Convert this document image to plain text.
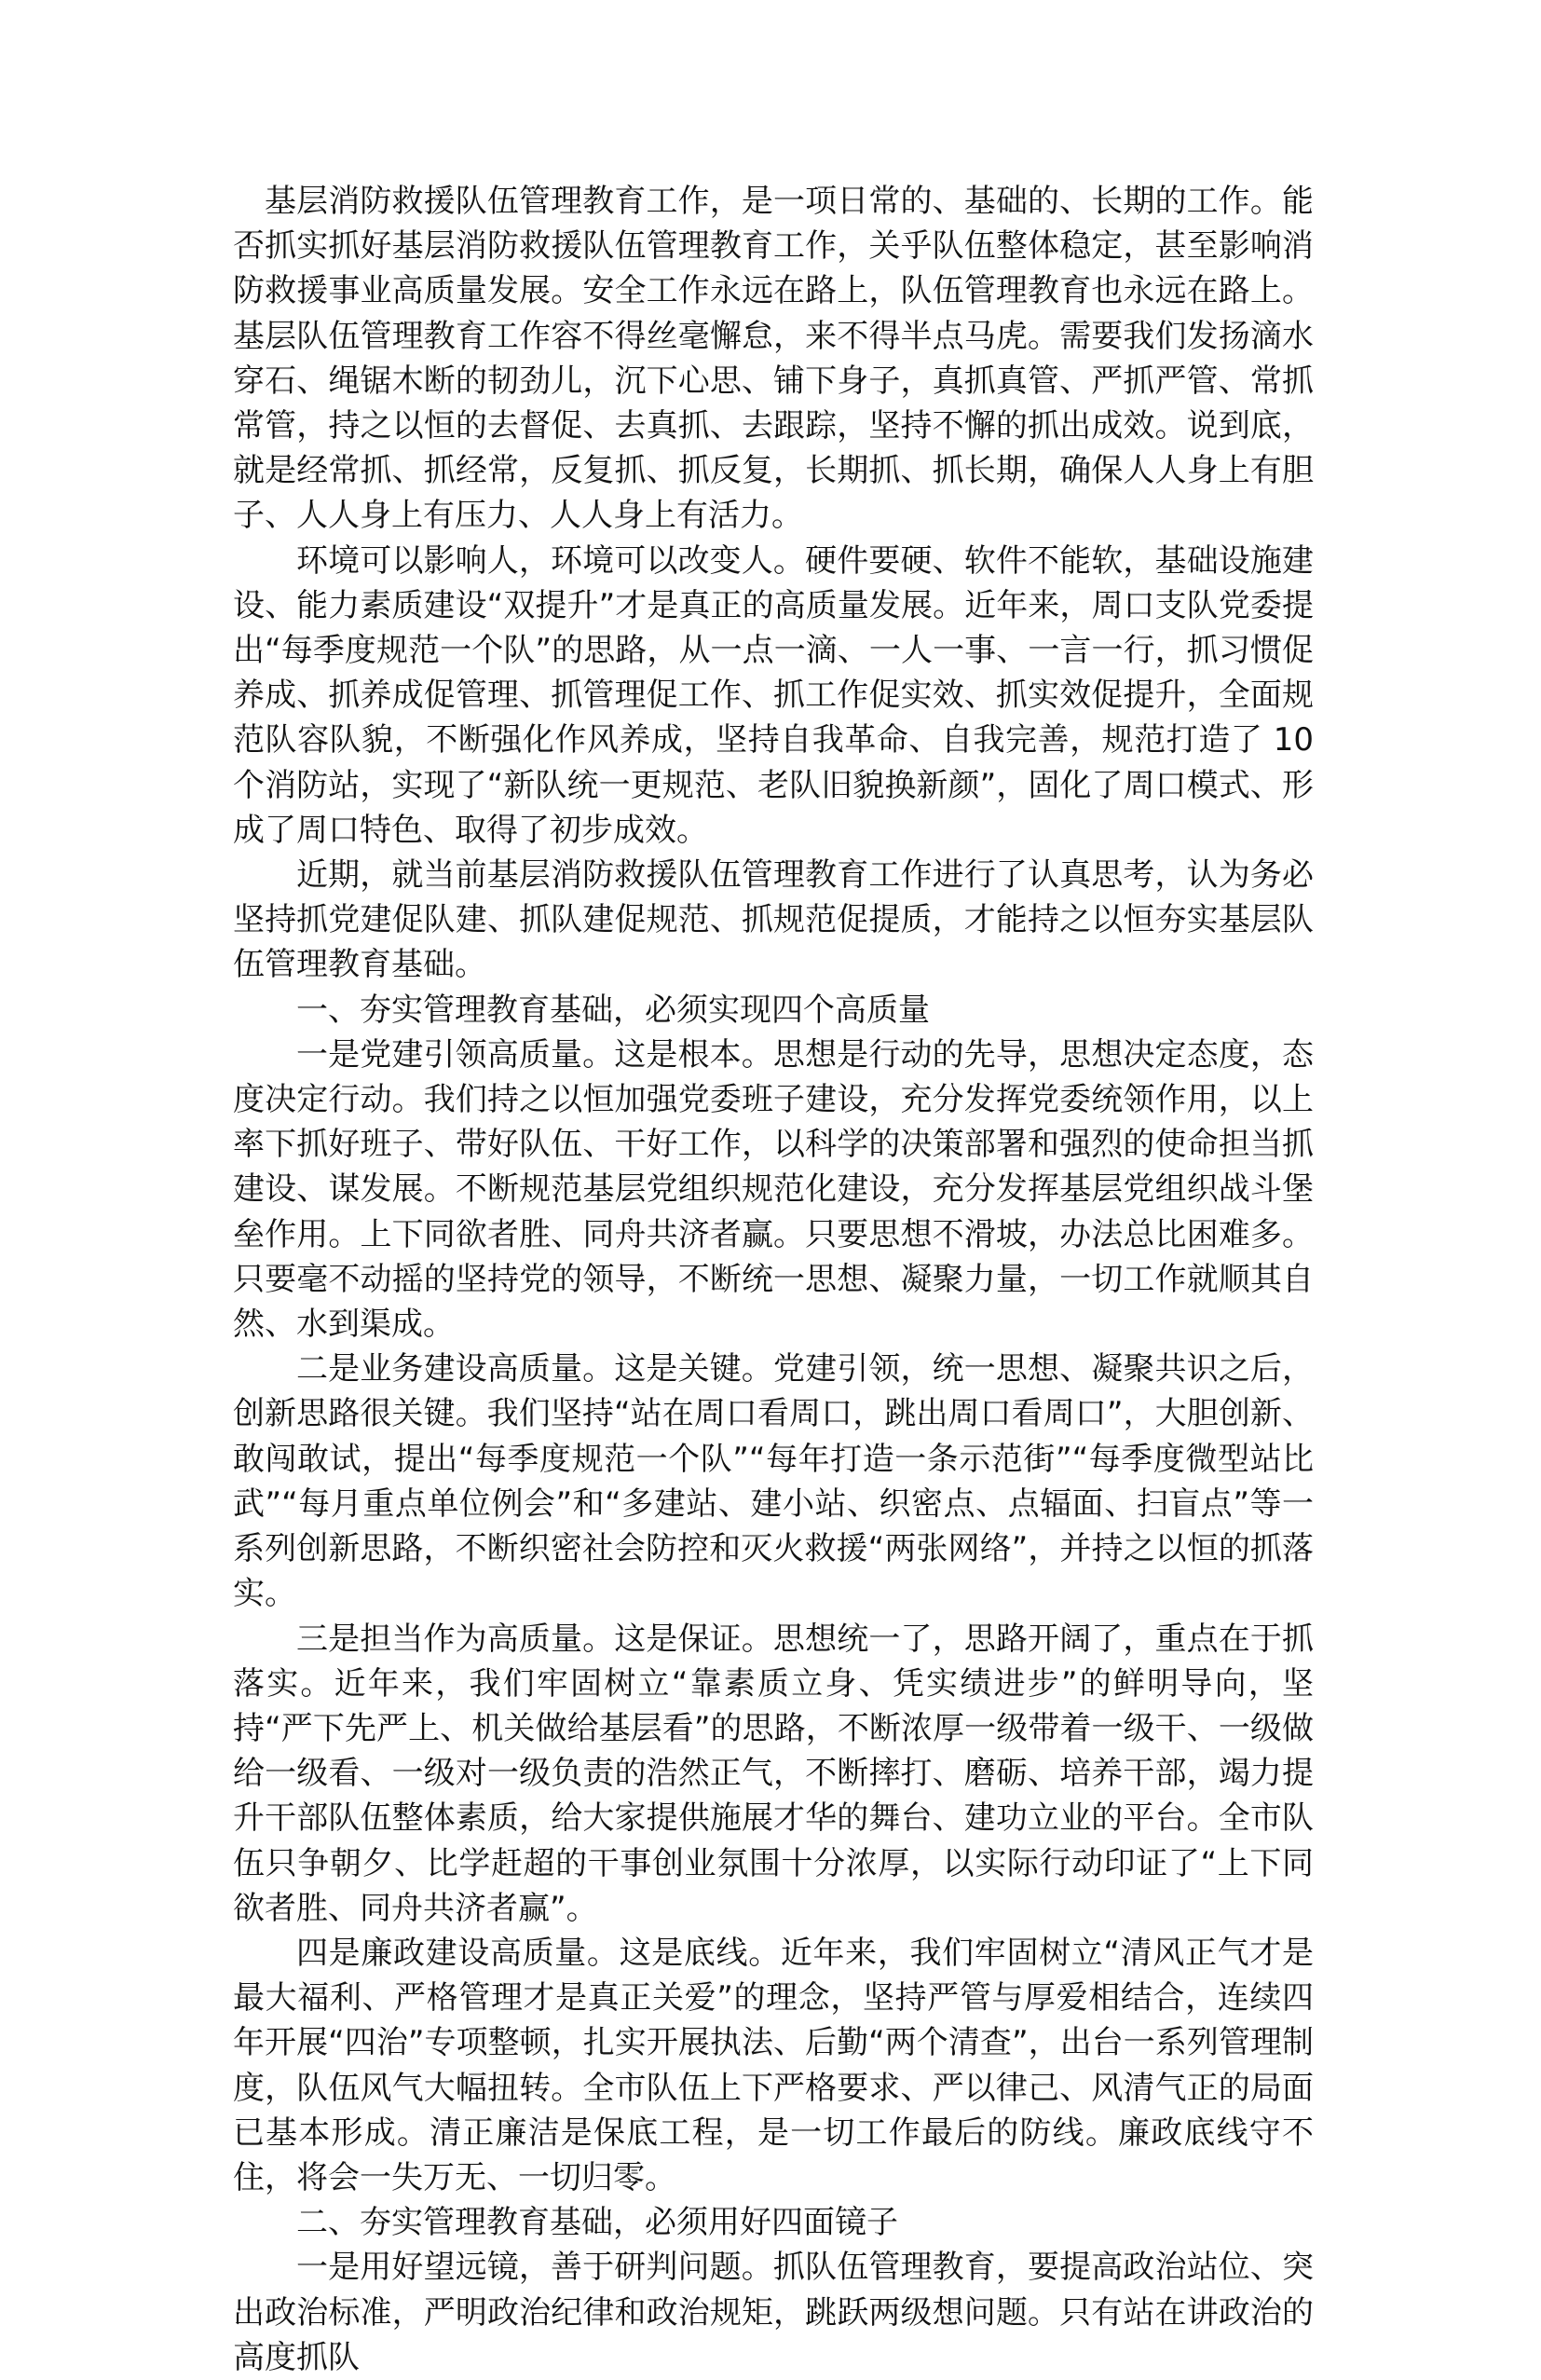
基层消防救援队伍管理教育工作，是一项日常的、基础的、长期的工作。能否抓实抓好基层消防救援队伍管理教育工作，关乎队伍整体稳定，甚至影响消防救援事业高质量发展。安全工作永远在路上，队伍管理教育也永远在路上。基层队伍管理教育工作容不得丝毫懈怠，来不得半点马虎。需要我们发扬滴水穿石、绳锯木断的韧劲儿，沉下心思、铺下身子，真抓真管、严抓严管、常抓常管，持之以恒的去督促、去真抓、去跟踪，坚持不懈的抓出成效。说到底，就是经常抓、抓经常，反复抓、抓反复，长期抓、抓长期，确保人人身上有胆子、人人身上有压力、人人身上有活力。

环境可以影响人，环境可以改变人。硬件要硬、软件不能软，基础设施建设、能力素质建设“双提升”才是真正的高质量发展。近年来，周口支队党委提出“每季度规范一个队”的思路，从一点一滴、一人一事、一言一行，抓习惯促养成、抓养成促管理、抓管理促工作、抓工作促实效、抓实效促提升，全面规范队容队貌，不断强化作风养成，坚持自我革命、自我完善，规范打造了 10 个消防站，实现了“新队统一更规范、老队旧貌换新颜”，固化了周口模式、形成了周口特色、取得了初步成效。

近期，就当前基层消防救援队伍管理教育工作进行了认真思考，认为务必坚持抓党建促队建、抓队建促规范、抓规范促提质，才能持之以恒夯实基层队伍管理教育基础。

一、夯实管理教育基础，必须实现四个高质量

一是党建引领高质量。这是根本。思想是行动的先导，思想决定态度，态度决定行动。我们持之以恒加强党委班子建设，充分发挥党委统领作用，以上率下抓好班子、带好队伍、干好工作，以科学的决策部署和强烈的使命担当抓建设、谋发展。不断规范基层党组织规范化建设，充分发挥基层党组织战斗堡垒作用。上下同欲者胜、同舟共济者赢。只要思想不滑坡，办法总比困难多。只要毫不动摇的坚持党的领导，不断统一思想、凝聚力量，一切工作就顺其自然、水到渠成。

二是业务建设高质量。这是关键。党建引领，统一思想、凝聚共识之后，创新思路很关键。我们坚持“站在周口看周口，跳出周口看周口”，大胆创新、敢闯敢试，提出“每季度规范一个队”“每年打造一条示范街”“每季度微型站比武”“每月重点单位例会”和“多建站、建小站、织密点、点辐面、扫盲点”等一系列创新思路，不断织密社会防控和灭火救援“两张网络”，并持之以恒的抓落实。

三是担当作为高质量。这是保证。思想统一了，思路开阔了，重点在于抓落实。近年来，我们牢固树立“靠素质立身、凭实绩进步”的鲜明导向，坚持“严下先严上、机关做给基层看”的思路，不断浓厚一级带着一级干、一级做给一级看、一级对一级负责的浩然正气，不断摔打、磨砺、培养干部，竭力提升干部队伍整体素质，给大家提供施展才华的舞台、建功立业的平台。全市队伍只争朝夕、比学赶超的干事创业氛围十分浓厚，以实际行动印证了“上下同欲者胜、同舟共济者赢”。

四是廉政建设高质量。这是底线。近年来，我们牢固树立“清风正气才是最大福利、严格管理才是真正关爱”的理念，坚持严管与厚爱相结合，连续四年开展“四治”专项整顿，扎实开展执法、后勤“两个清查”，出台一系列管理制度，队伍风气大幅扭转。全市队伍上下严格要求、严以律己、风清气正的局面已基本形成。清正廉洁是保底工程，是一切工作最后的防线。廉政底线守不住，将会一失万无、一切归零。

二、夯实管理教育基础，必须用好四面镜子

一是用好望远镜，善于研判问题。抓队伍管理教育，要提高政治站位、突出政治标准，严明政治纪律和政治规矩，跳跃两级想问题。只有站在讲政治的高度抓队
